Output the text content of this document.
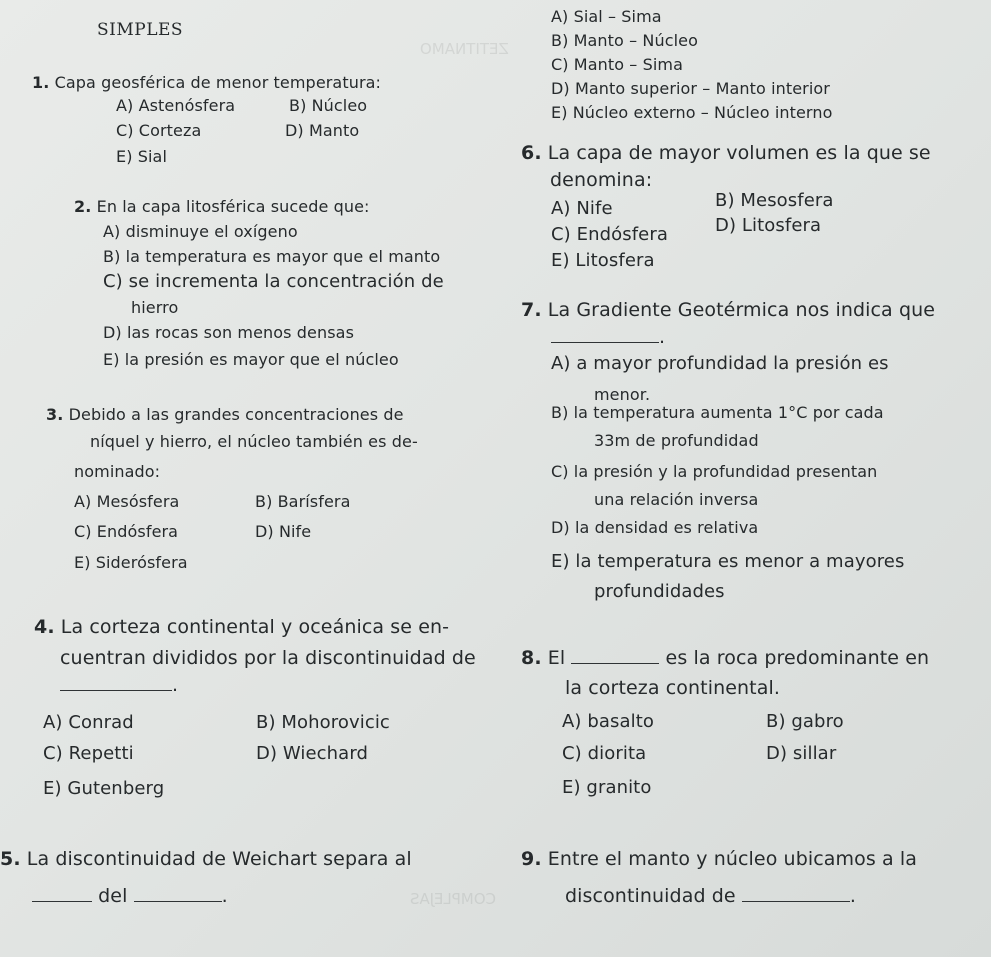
ZETITNAMO
COMPLEJAS
SIMPLES
1. Capa geosférica de menor temperatura:
A) Astenósfera	B) Núcleo
C) Corteza	D) Manto
E) Sial
2. En la capa litosférica sucede que:
A) disminuye el oxígeno
B) la temperatura es mayor que el manto
C) se incrementa la concentración de
hierro
D) las rocas son menos densas
E) la presión es mayor que el núcleo
3. Debido a las grandes concentraciones de
níquel y hierro, el núcleo también es de-
nominado:
A) Mesósfera	B) Barísfera
C) Endósfera	D) Nife
E) Siderósfera
4. La corteza continental y oceánica se en-
cuentran divididos por la discontinuidad de
.
A) Conrad	B) Mohorovicic
C) Repetti	D) Wiechard
E) Gutenberg
5. La discontinuidad de Weichart separa al
del	.
A) Sial – Sima
B) Manto – Núcleo
C) Manto – Sima
D) Manto superior – Manto interior
E) Núcleo externo – Núcleo interno
6. La capa de mayor volumen es la que se
denomina:
A) Nife	B) Mesosfera
C) Endósfera	D) Litosfera
E) Litosfera
7. La Gradiente Geotérmica nos indica que
.
A) a mayor profundidad la presión es
menor.
B) la temperatura aumenta 1°C por cada
33m de profundidad
C) la presión y la profundidad presentan
una relación inversa
D) la densidad es relativa
E) la temperatura es menor a mayores
profundidades
8. El	es la roca predominante en
la corteza continental.
A) basalto	B) gabro
C) diorita	D) sillar
E) granito
9. Entre el manto y núcleo ubicamos a la
discontinuidad de	.
